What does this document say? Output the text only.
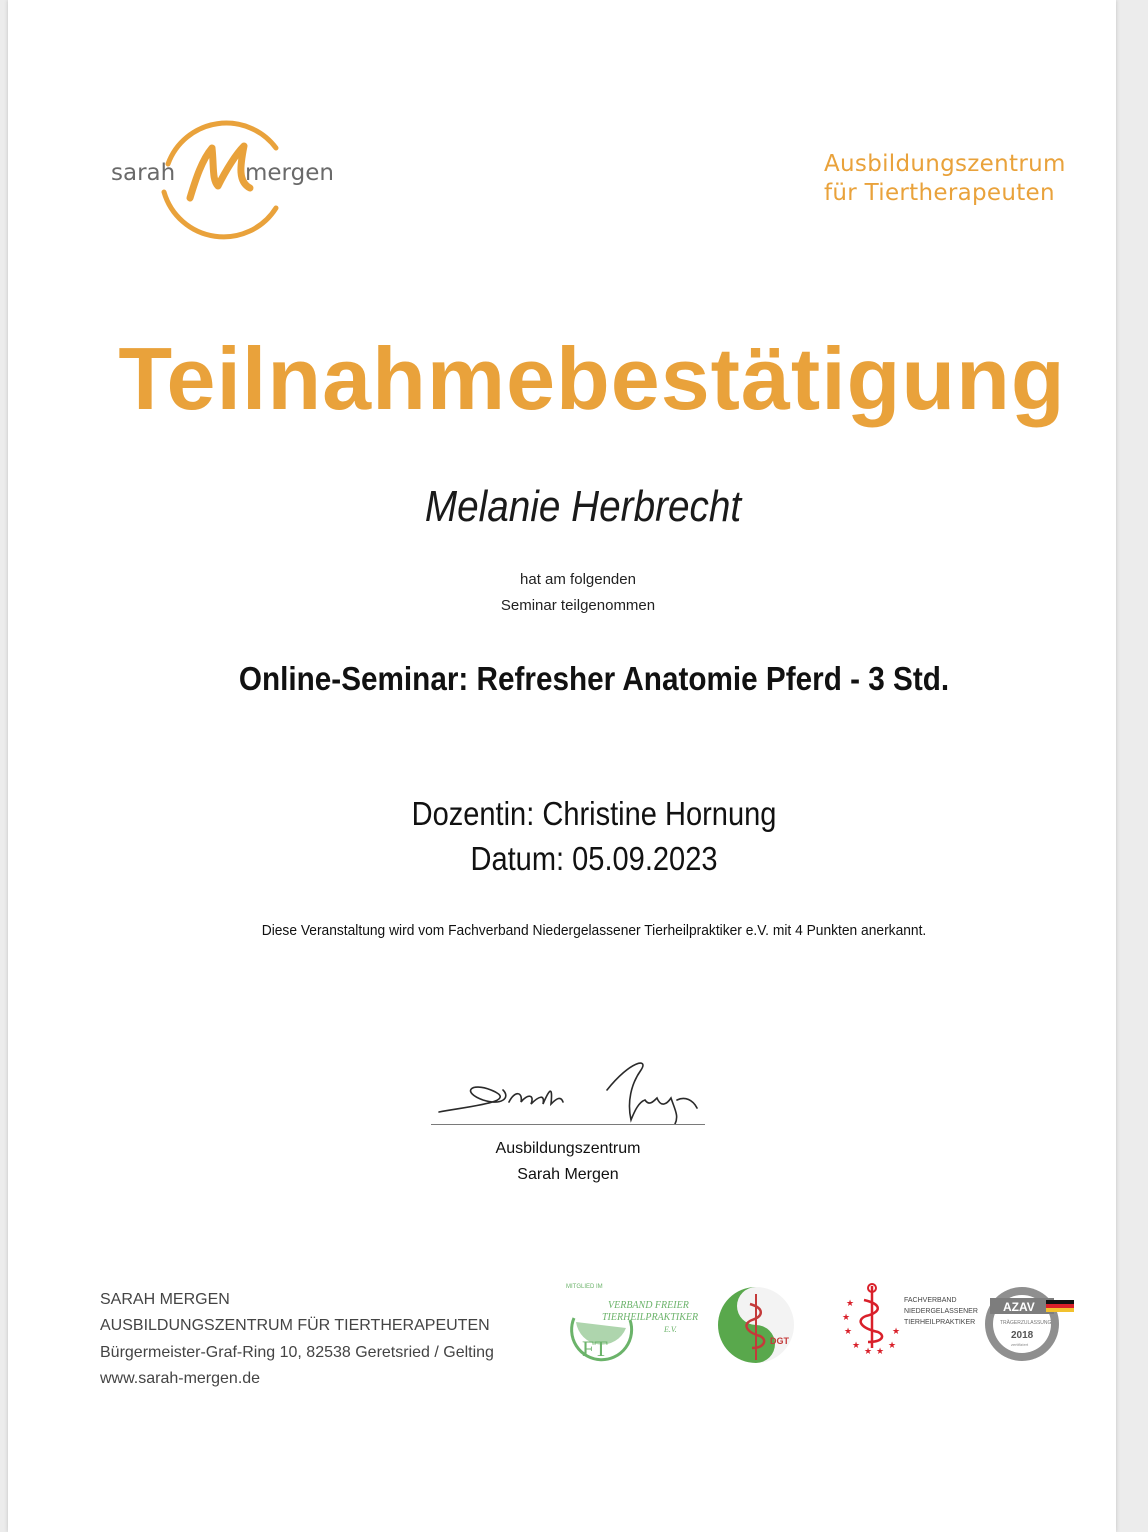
sarah	mergen	Ausbildungszentrum
für Tiertherapeuten
Teilnahmebestätigung
Melanie Herbrecht
hat am folgenden
Seminar teilgenommen
Online-Seminar: Refresher Anatomie Pferd - 3 Std.
Dozentin: Christine Hornung
Datum: 05.09.2023
Diese Veranstaltung wird vom Fachverband Niedergelassener Tierheilpraktiker e.V. mit 4 Punkten anerkannt.
Ausbildungszentrum
Sarah Mergen
SARAH MERGEN
AUSBILDUNGSZENTRUM FÜR TIERTHERAPEUTEN
Bürgermeister-Graf-Ring 10, 82538 Geretsried / Gelting
www.sarah-mergen.de
MITGLIED IM
FT
VERBAND FREIER
TIERHEILPRAKTIKER
E.V.
DGT
★
★
★
★
★ ★
★
★
FACHVERBAND
NIEDERGELASSENER
TIERHEILPRAKTIKER
AZAV
TRÄGERZULASSUNG
2018
zertifiziert
